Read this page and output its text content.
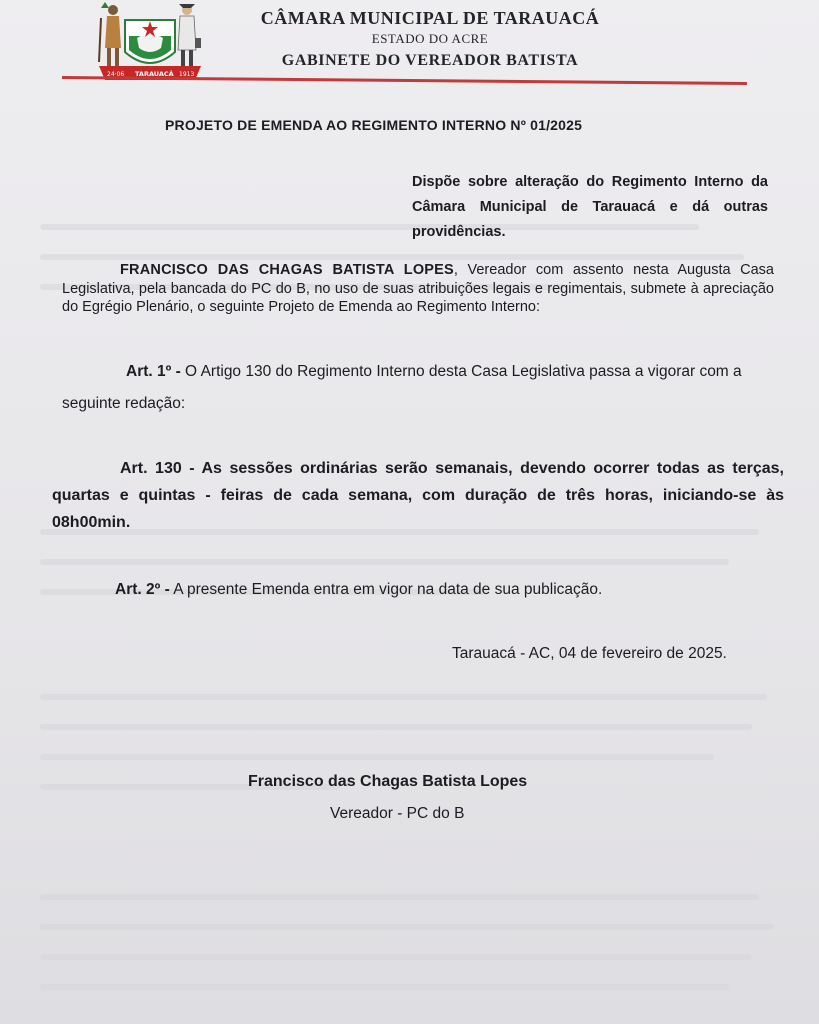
24·06 TARAUACÁ 1913
CÂMARA MUNICIPAL DE TARAUACÁ
ESTADO DO ACRE
GABINETE DO VEREADOR BATISTA
PROJETO DE EMENDA AO REGIMENTO INTERNO Nº 01/2025
Dispõe sobre alteração do Regimento Interno da Câmara Municipal de Tarauacá e dá outras providências.
FRANCISCO DAS CHAGAS BATISTA LOPES, Vereador com assento nesta Augusta Casa Legislativa, pela bancada do PC do B, no uso de suas atribuições legais e regimentais, submete à apreciação do Egrégio Plenário, o seguinte Projeto de Emenda ao Regimento Interno:
Art. 1º - O Artigo 130 do Regimento Interno desta Casa Legislativa passa a vigorar com a seguinte redação:
Art. 130 - As sessões ordinárias serão semanais, devendo ocorrer todas as terças, quartas e quintas - feiras de cada semana, com duração de três horas, iniciando-se às 08h00min.
Art. 2º - A presente Emenda entra em vigor na data de sua publicação.
Tarauacá - AC, 04 de fevereiro de 2025.
Francisco das Chagas Batista Lopes
Vereador - PC do B
